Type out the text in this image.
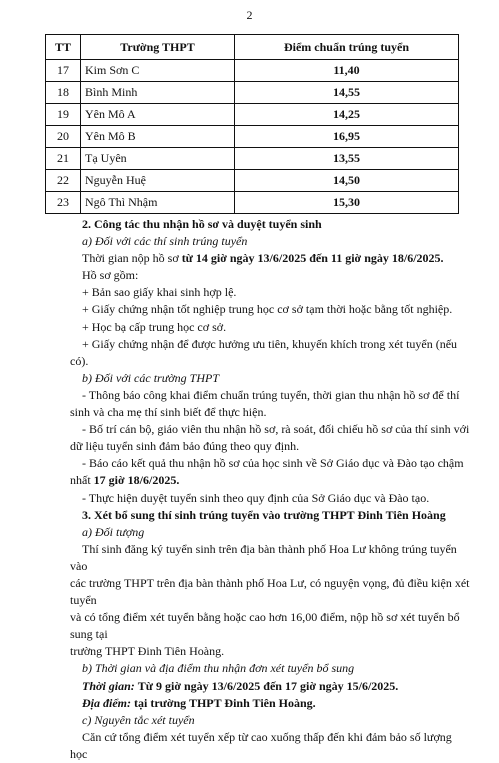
2
TT	Trường THPT	Điểm chuẩn trúng tuyển
17	Kim Sơn C	11,40
18	Bình Minh	14,55
19	Yên Mô A	14,25
20	Yên Mô B	16,95
21	Tạ Uyên	13,55
22	Nguyễn Huệ	14,50
23	Ngô Thì Nhậm	15,30

2. Công tác thu nhận hồ sơ và duyệt tuyển sinh

a) Đối với các thí sinh trúng tuyển

Thời gian nộp hồ sơ từ 14 giờ ngày 13/6/2025 đến 11 giờ ngày 18/6/2025.

Hồ sơ gồm:

+ Bản sao giấy khai sinh hợp lệ.

+ Giấy chứng nhận tốt nghiệp trung học cơ sở tạm thời hoặc bằng tốt nghiệp.

+ Học bạ cấp trung học cơ sở.

+ Giấy chứng nhận để được hưởng ưu tiên, khuyến khích trong xét tuyển (nếu có).

b) Đối với các trường THPT

- Thông báo công khai điểm chuẩn trúng tuyển, thời gian thu nhận hồ sơ để thí

sinh và cha mẹ thí sinh biết để thực hiện.

- Bố trí cán bộ, giáo viên thu nhận hồ sơ, rà soát, đối chiếu hồ sơ của thí sinh với

dữ liệu tuyển sinh đảm bảo đúng theo quy định.

- Báo cáo kết quả thu nhận hồ sơ của học sinh về Sở Giáo dục và Đào tạo chậm

nhất 17 giờ 18/6/2025.

- Thực hiện duyệt tuyển sinh theo quy định của Sở Giáo dục và Đào tạo.

3. Xét bổ sung thí sinh trúng tuyển vào trường THPT Đinh Tiên Hoàng

a) Đối tượng

Thí sinh đăng ký tuyển sinh trên địa bàn thành phố Hoa Lư không trúng tuyển vào

các trường THPT trên địa bàn thành phố Hoa Lư, có nguyện vọng, đủ điều kiện xét tuyển

và có tổng điểm xét tuyển bằng hoặc cao hơn 16,00 điểm, nộp hồ sơ xét tuyển bổ sung tại

trường THPT Đinh Tiên Hoàng.

b) Thời gian và địa điểm thu nhận đơn xét tuyển bổ sung

Thời gian: Từ 9 giờ ngày 13/6/2025 đến 17 giờ ngày 15/6/2025.

Địa điểm: tại trường THPT Đinh Tiên Hoàng.

c) Nguyên tắc xét tuyển

Căn cứ tổng điểm xét tuyển xếp từ cao xuống thấp đến khi đảm bảo số lượng học
